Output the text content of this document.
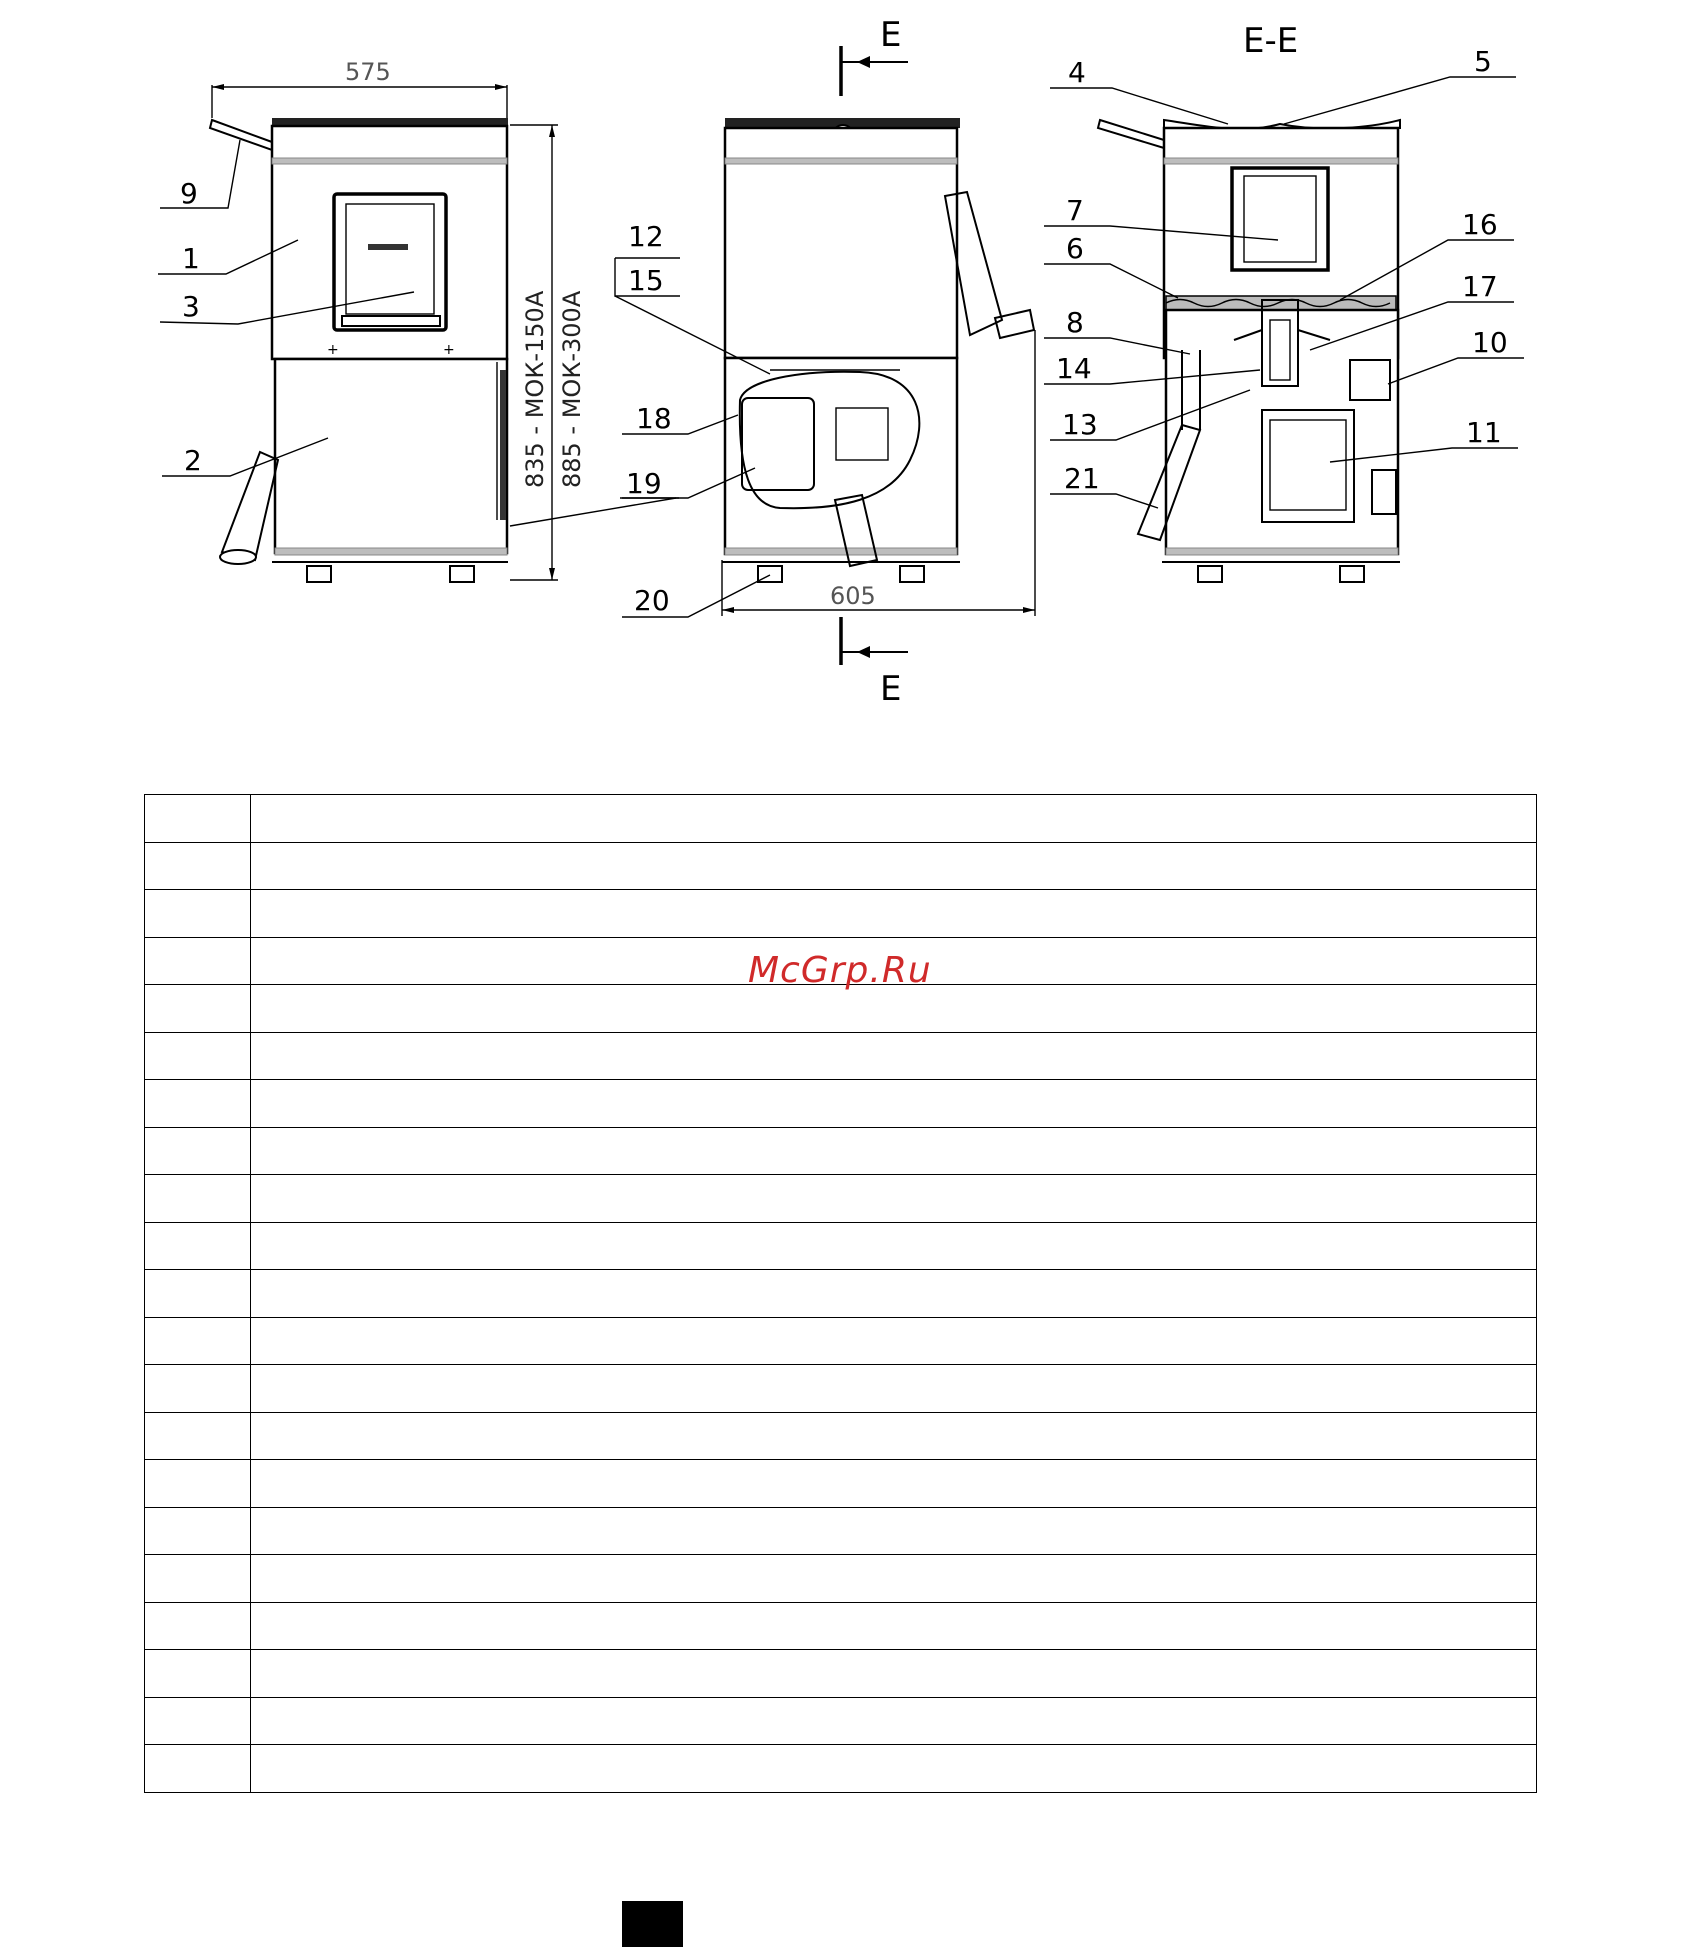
575
+	+	835 - МОК-150А 885 - МОК-300А
9
1
3
2
E
605
E
12
15
18
19
20
E-E
4
7
6
8
14
13
21
5
16
17
10
11

McGrp.Ru
